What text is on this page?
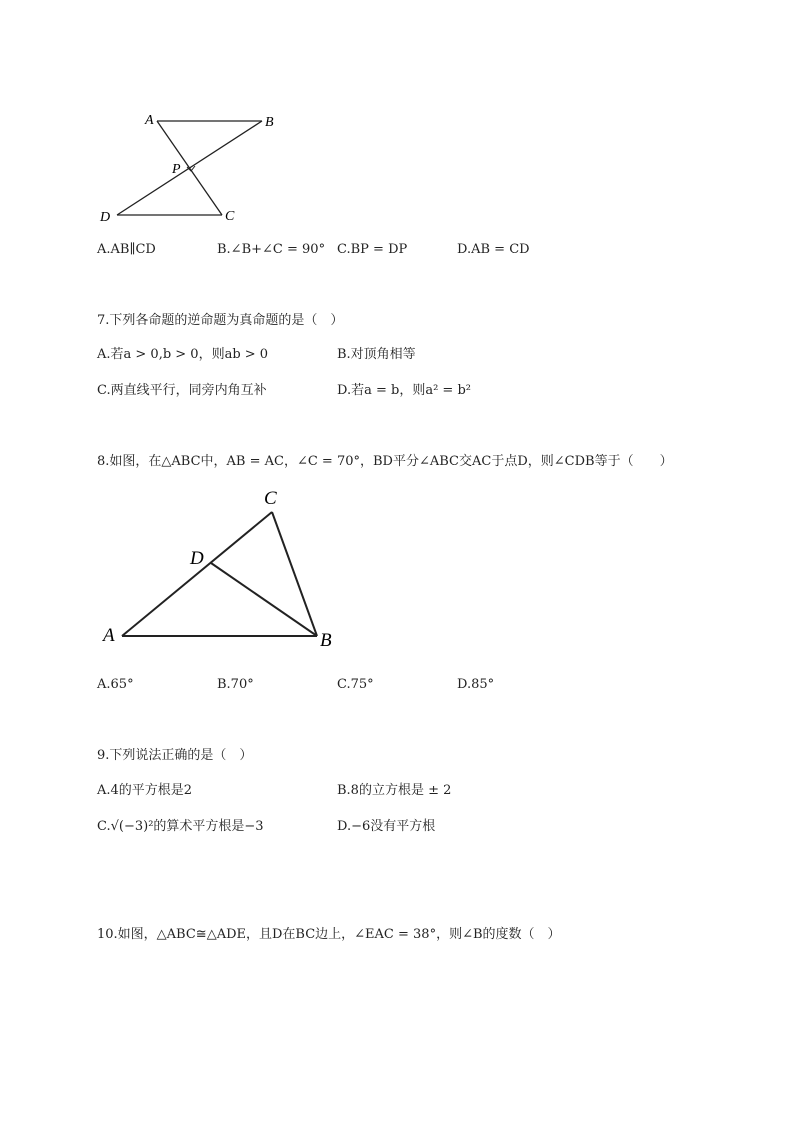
A	B
P
D	C
A.AB∥CD	B.∠B+∠C = 90° C.BP = DP	D.AB = CD
7.下列各命题的逆命题为真命题的是（　）
A.若a > 0,b > 0，则ab > 0	B.对顶角相等
C.两直线平行，同旁内角互补	D.若a = b，则a² = b²
8.如图，在△ABC中，AB = AC，∠C = 70°，BD平分∠ABC交AC于点D，则∠CDB等于（　　）
C
D
A	B
A.65°	B.70°	C.75°	D.85°
9.下列说法正确的是（　）
A.4的平方根是2	B.8的立方根是 ± 2
C.√(−3)²的算术平方根是−3	D.−6没有平方根
10.如图，△ABC≅△ADE，且D在BC边上，∠EAC = 38°，则∠B的度数（　）
